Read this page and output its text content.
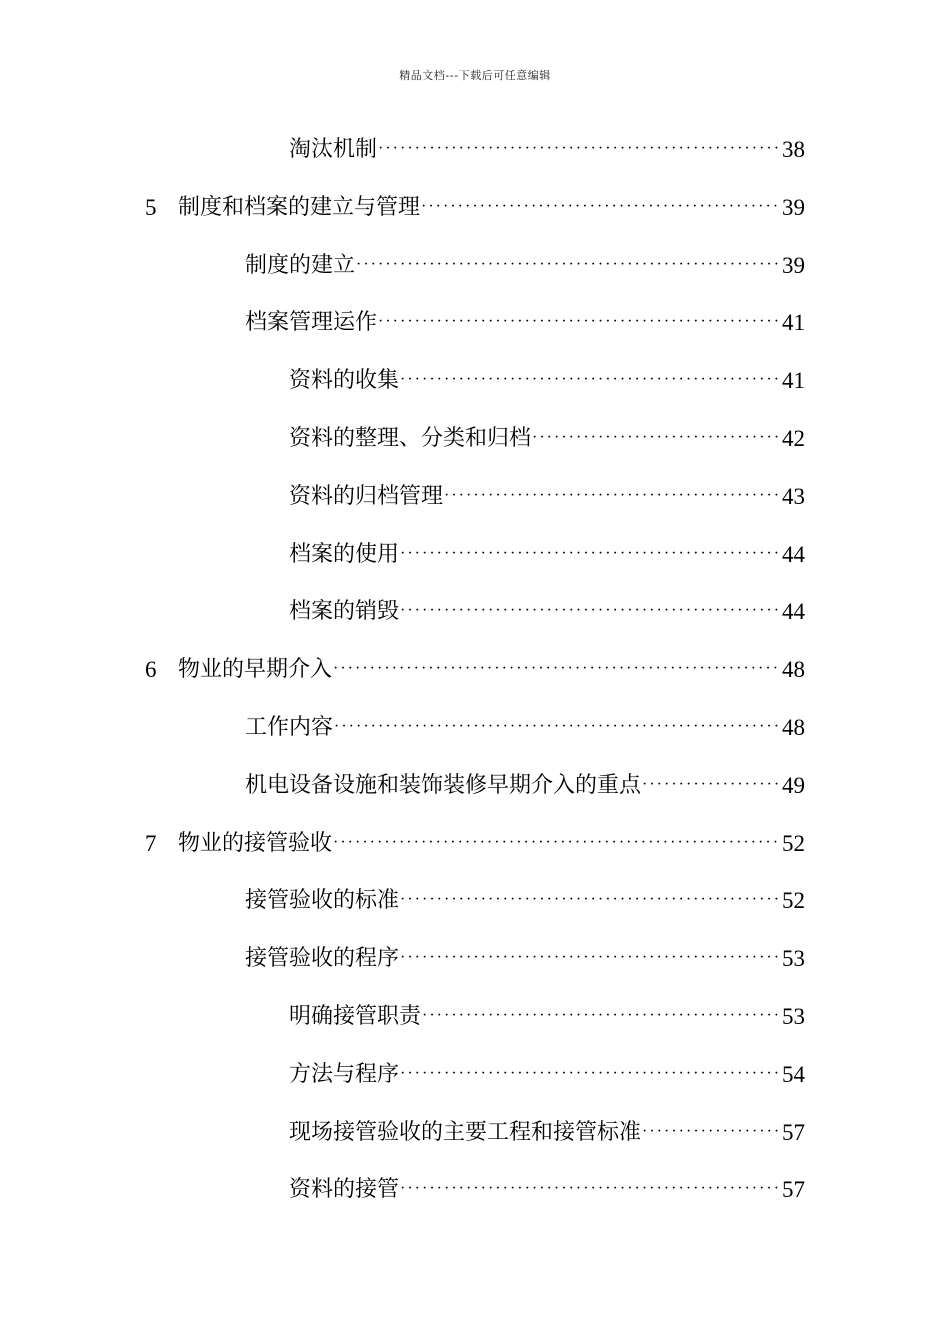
精品文档---下载后可任意编辑
淘汰机制 ·····	38
5 制度和档案的建立与管理 ·····	39
制度的建立 ·····	39
档案管理运作 ·····	41
资料的收集 ·····	41
资料的整理、分类和归档 ·····	42
资料的归档管理 ·····	43
档案的使用 ·····	44
档案的销毁 ·····	44
6 物业的早期介入 ·····	48
工作内容 ·····	48
机电设备设施和装饰装修早期介入的重点 ·····	49
7 物业的接管验收 ·····	52
接管验收的标准 ·····	52
接管验收的程序 ·····	53
明确接管职责 ·····	53
方法与程序 ·····	54
现场接管验收的主要工程和接管标准 ·····	57
资料的接管 ·····	57
